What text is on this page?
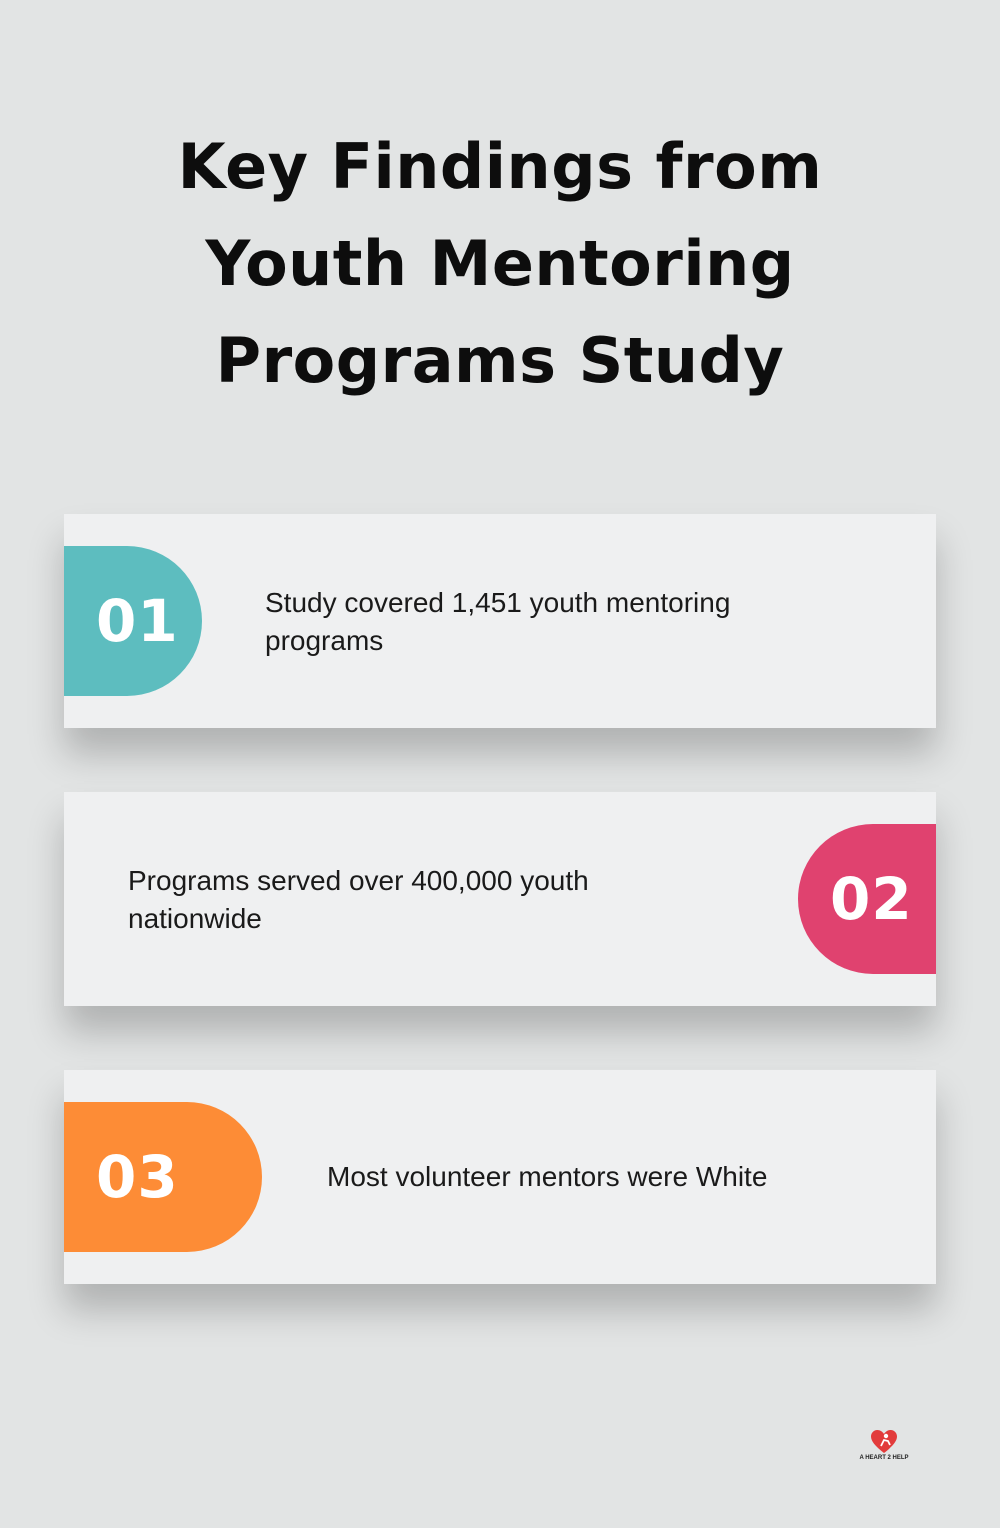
Key Findings from Youth Mentoring Programs Study
01	Study covered 1,451 youth mentoring programs

Programs served over 400,000 youth nationwide	02
03	Most volunteer mentors were White

A HEART 2 HELP
